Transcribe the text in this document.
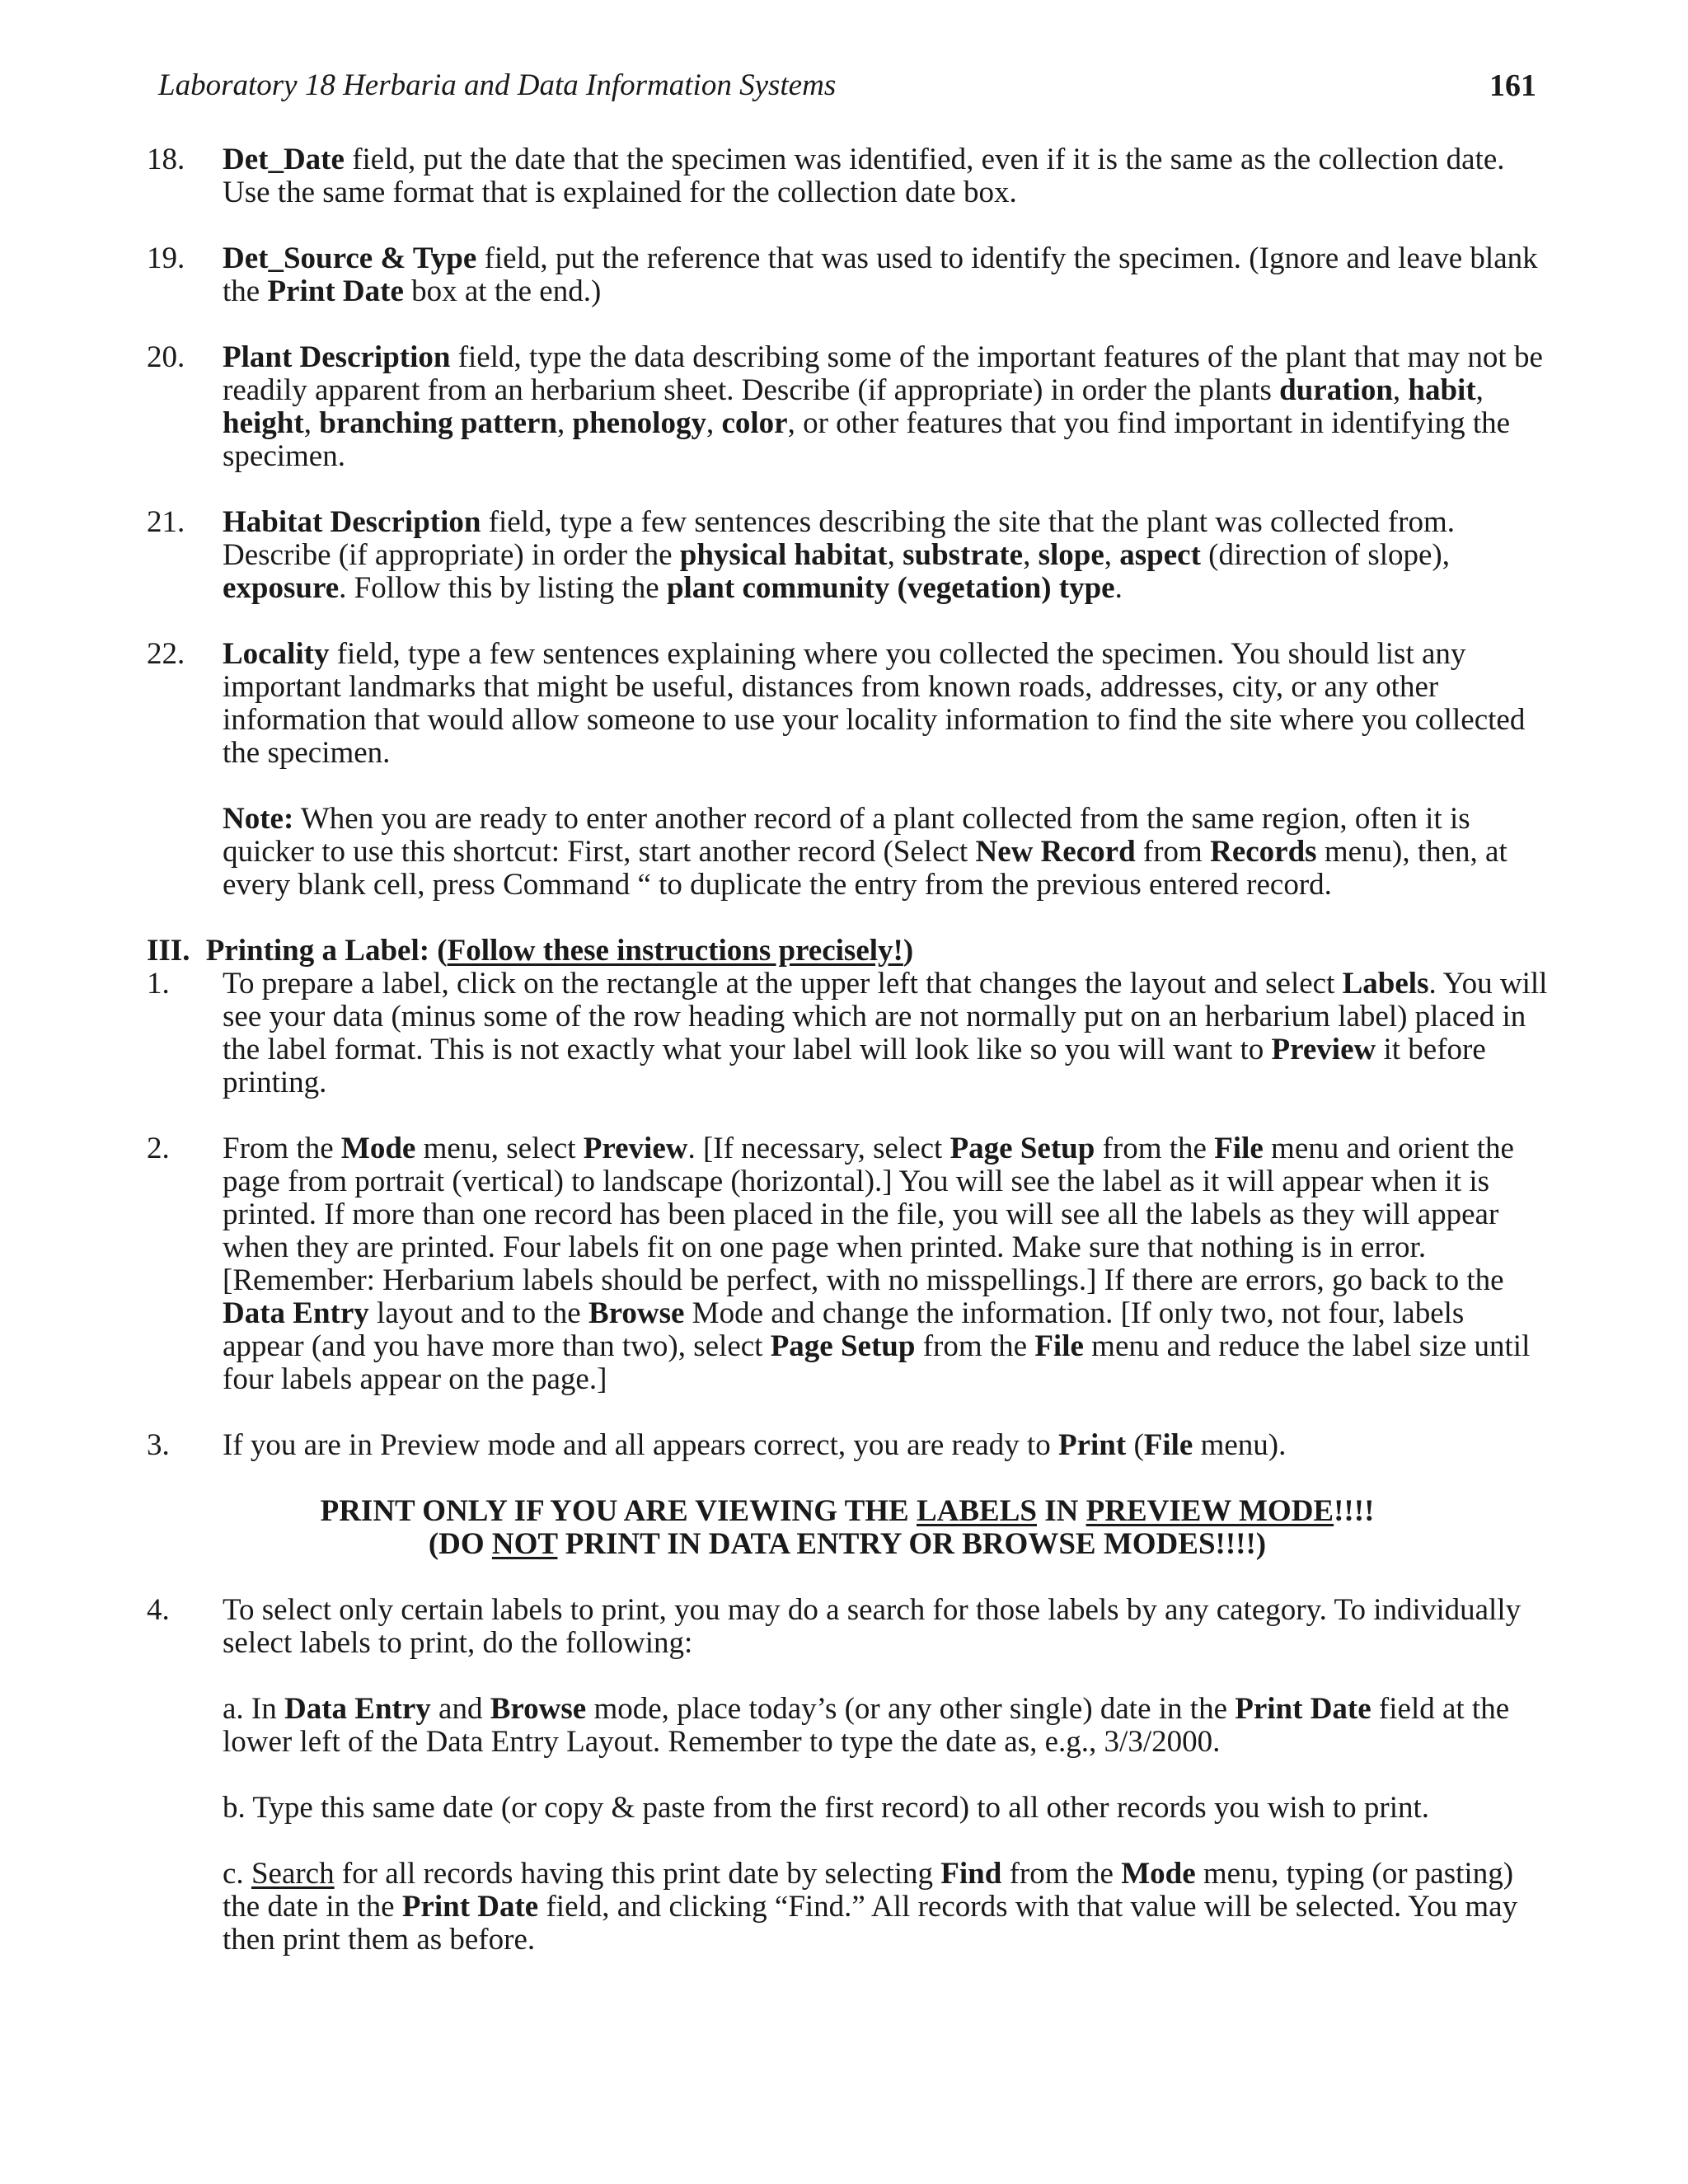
Laboratory 18 Herbaria and Data Information Systems	161
18. Det_Date field, put the date that the specimen was identified, even if it is the same as the collection date. Use the same format that is explained for the collection date box.
19. Det_Source & Type field, put the reference that was used to identify the specimen. (Ignore and leave blank the Print Date box at the end.)
20. Plant Description field, type the data describing some of the important features of the plant that may not be readily apparent from an herbarium sheet. Describe (if appropriate) in order the plants duration, habit, height, branching pattern, phenology, color, or other features that you find important in identifying the specimen.
21. Habitat Description field, type a few sentences describing the site that the plant was collected from. Describe (if appropriate) in order the physical habitat, substrate, slope, aspect (direction of slope), exposure. Follow this by listing the plant community (vegetation) type.
22. Locality field, type a few sentences explaining where you collected the specimen. You should list any important landmarks that might be useful, distances from known roads, addresses, city, or any other information that would allow someone to use your locality information to find the site where you collected the specimen.
Note: When you are ready to enter another record of a plant collected from the same region, often it is quicker to use this shortcut: First, start another record (Select New Record from Records menu), then, at every blank cell, press Command “ to duplicate the entry from the previous entered record.
III. Printing a Label: (Follow these instructions precisely!)
1. To prepare a label, click on the rectangle at the upper left that changes the layout and select Labels. You will see your data (minus some of the row heading which are not normally put on an herbarium label) placed in the label format. This is not exactly what your label will look like so you will want to Preview it before printing.
2. From the Mode menu, select Preview. [If necessary, select Page Setup from the File menu and orient the page from portrait (vertical) to landscape (horizontal).] You will see the label as it will appear when it is printed. If more than one record has been placed in the file, you will see all the labels as they will appear when they are printed. Four labels fit on one page when printed. Make sure that nothing is in error. [Remember: Herbarium labels should be perfect, with no misspellings.] If there are errors, go back to the Data Entry layout and to the Browse Mode and change the information. [If only two, not four, labels appear (and you have more than two), select Page Setup from the File menu and reduce the label size until four labels appear on the page.]
3. If you are in Preview mode and all appears correct, you are ready to Print (File menu).
PRINT ONLY IF YOU ARE VIEWING THE LABELS IN PREVIEW MODE!!!!
(DO NOT PRINT IN DATA ENTRY OR BROWSE MODES!!!!)
4. To select only certain labels to print, you may do a search for those labels by any category. To individually select labels to print, do the following:
a. In Data Entry and Browse mode, place today’s (or any other single) date in the Print Date field at the lower left of the Data Entry Layout. Remember to type the date as, e.g., 3/3/2000.
b. Type this same date (or copy & paste from the first record) to all other records you wish to print.
c. Search for all records having this print date by selecting Find from the Mode menu, typing (or pasting) the date in the Print Date field, and clicking “Find.” All records with that value will be selected. You may then print them as before.
